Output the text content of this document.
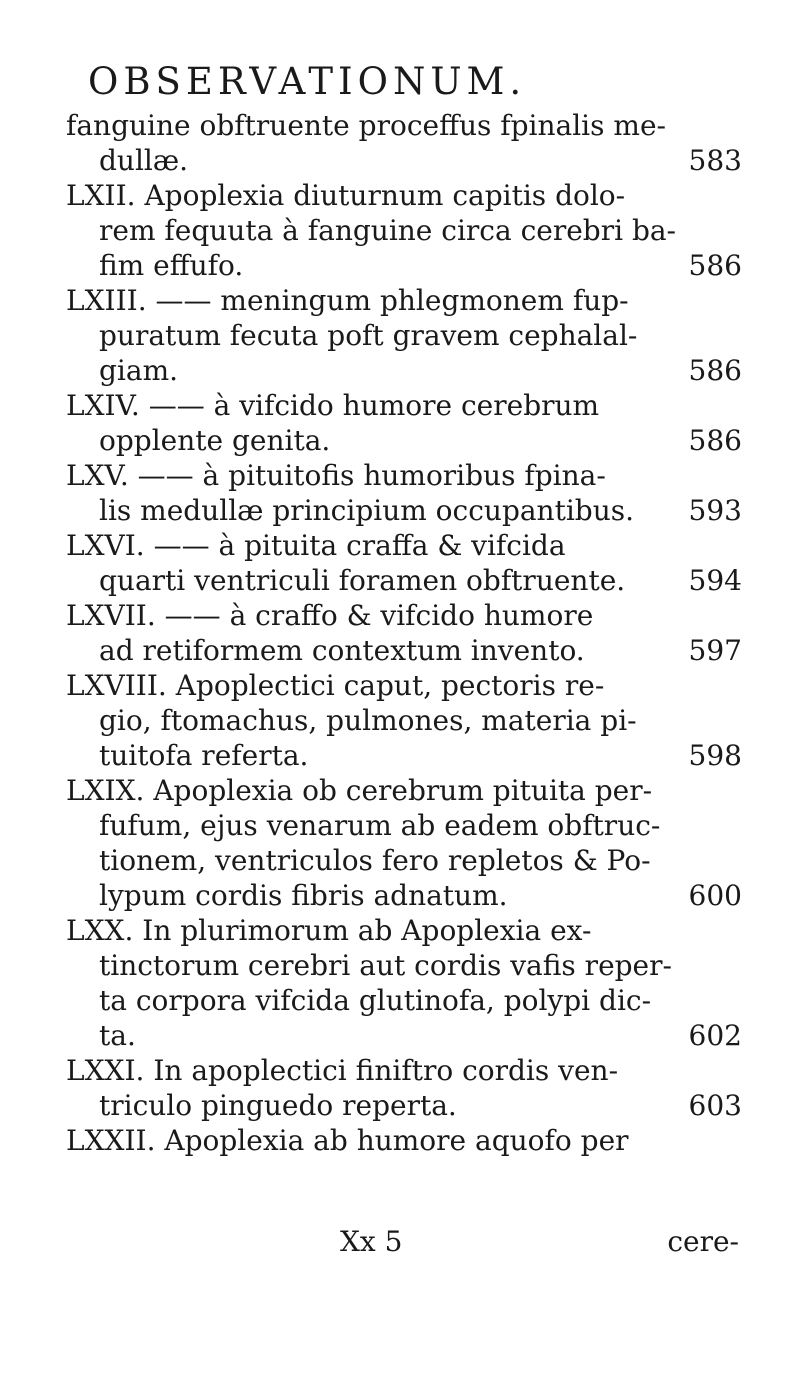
OBSERVATIONUM.
fanguine obftruente proceffus fpinalis me-
dullæ.	583
LXII. Apoplexia diuturnum capitis dolo-
rem fequuta à fanguine circa cerebri ba-
fim effufo.	586
LXIII. —— meningum phlegmonem fup-
puratum fecuta poft gravem cephalal-
giam.	586
LXIV. —— à vifcido humore cerebrum
opplente genita.	586
LXV. —— à pituitofis humoribus fpina-
lis medullæ principium occupantibus. 593
LXVI. —— à pituita craffa & vifcida
quarti ventriculi foramen obftruente. 594
LXVII. —— à craffo & vifcido humore
ad retiformem contextum invento.	597
LXVIII. Apoplectici caput, pectoris re-
gio, ftomachus, pulmones, materia pi-
tuitofa referta.	598
LXIX. Apoplexia ob cerebrum pituita per-
fufum, ejus venarum ab eadem obftruc-
tionem, ventriculos fero repletos & Po-
lypum cordis fibris adnatum.	600
LXX. In plurimorum ab Apoplexia ex-
tinctorum cerebri aut cordis vafis reper-
ta corpora vifcida glutinofa, polypi dic-
ta.	602
LXXI. In apoplectici finiftro cordis ven-
triculo pinguedo reperta.	603
LXXII. Apoplexia ab humore aquofo per
Xx 5	cere-
